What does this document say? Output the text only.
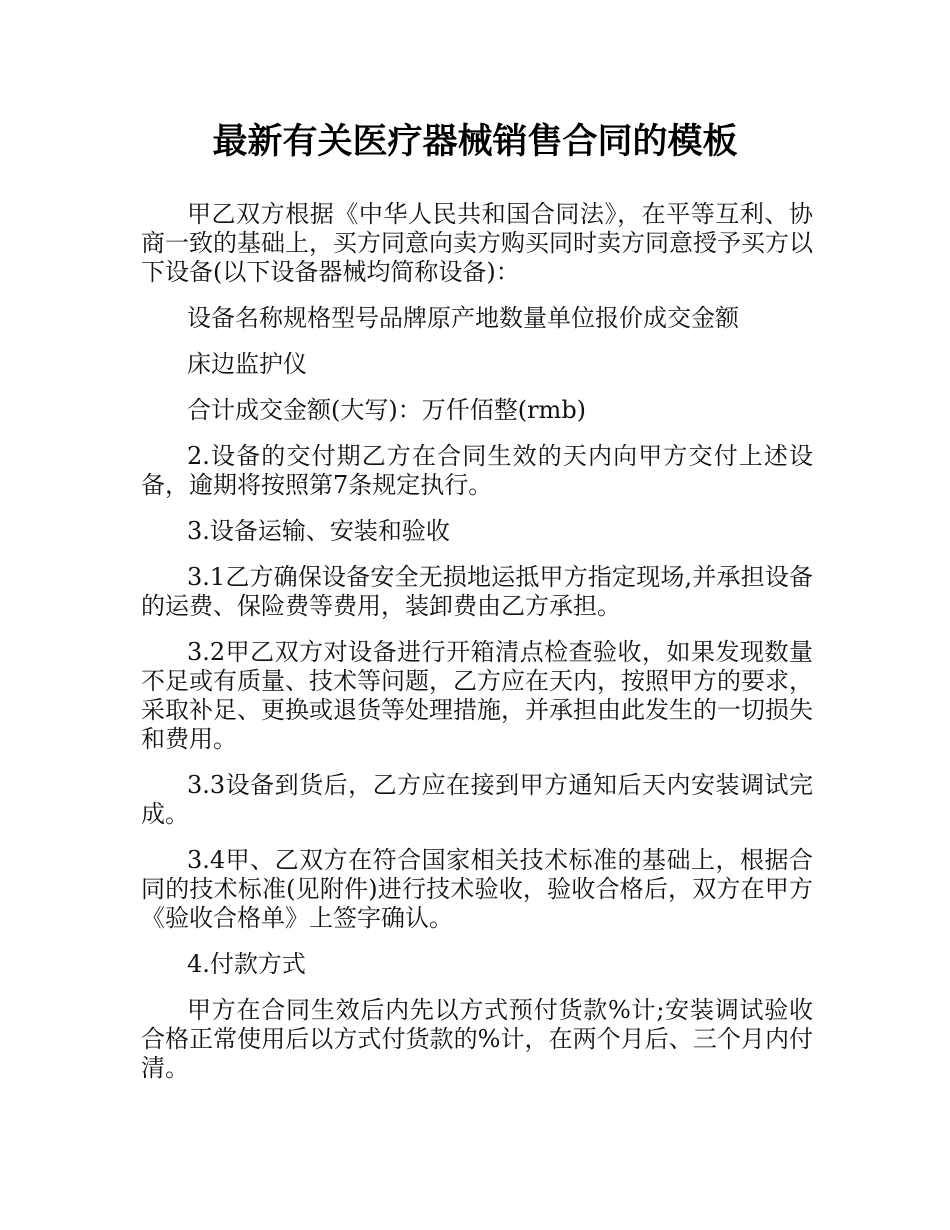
最新有关医疗器械销售合同的模板

甲乙双方根据《中华人民共和国合同法》，在平等互利、协商一致的基础上，买方同意向卖方购买同时卖方同意授予买方以下设备(以下设备器械均简称设备)：

设备名称规格型号品牌原产地数量单位报价成交金额

床边监护仪

合计成交金额(大写)：万仟佰整(rmb)

2.设备的交付期乙方在合同生效的天内向甲方交付上述设备，逾期将按照第7条规定执行。

3.设备运输、安装和验收

3.1乙方确保设备安全无损地运抵甲方指定现场,并承担设备的运费、保险费等费用，装卸费由乙方承担。

3.2甲乙双方对设备进行开箱清点检查验收，如果发现数量不足或有质量、技术等问题，乙方应在天内，按照甲方的要求，采取补足、更换或退货等处理措施，并承担由此发生的一切损失和费用。

3.3设备到货后，乙方应在接到甲方通知后天内安装调试完成。

3.4甲、乙双方在符合国家相关技术标准的基础上，根据合同的技术标准(见附件)进行技术验收，验收合格后，双方在甲方《验收合格单》上签字确认。

4.付款方式

甲方在合同生效后内先以方式预付货款%计;安装调试验收合格正常使用后以方式付货款的%计，在两个月后、三个月内付清。
